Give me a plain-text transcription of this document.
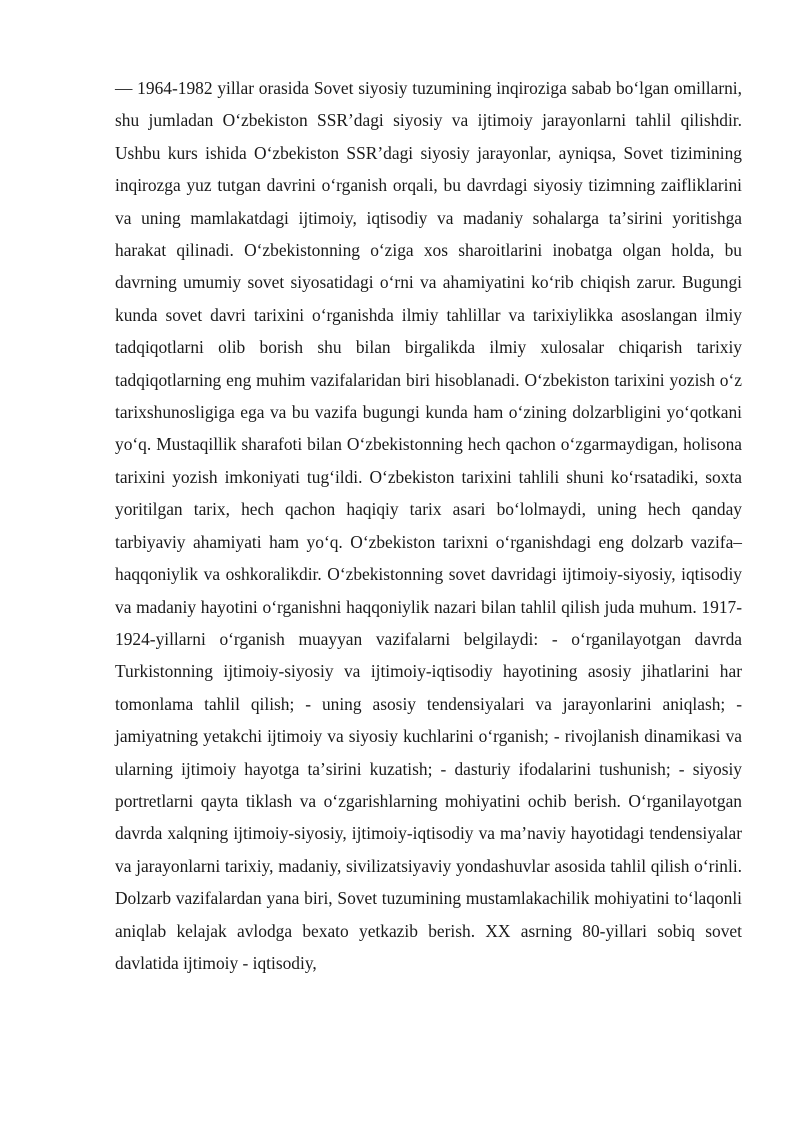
— 1964-1982 yillar orasida Sovet siyosiy tuzumining inqiroziga sabab boʻlgan omillarni, shu jumladan Oʻzbekiston SSRʼdagi siyosiy va ijtimoiy jarayonlarni tahlil qilishdir. Ushbu kurs ishida Oʻzbekiston SSRʼdagi siyosiy jarayonlar, ayniqsa, Sovet tizimining inqirozga yuz tutgan davrini oʻrganish orqali, bu davrdagi siyosiy tizimning zaifliklarini va uning mamlakatdagi ijtimoiy, iqtisodiy va madaniy sohalarga taʼsirini yoritishga harakat qilinadi. Oʻzbekistonning oʻziga xos sharoitlarini inobatga olgan holda, bu davrning umumiy sovet siyosatidagi oʻrni va ahamiyatini koʻrib chiqish zarur. Bugungi kunda sovet davri tarixini oʻrganishda ilmiy tahlillar va tarixiylikka asoslangan ilmiy tadqiqotlarni olib borish shu bilan birgalikda ilmiy xulosalar chiqarish tarixiy tadqiqotlarning eng muhim vazifalaridan biri hisoblanadi. Oʻzbekiston tarixini yozish oʻz tarixshunosligiga ega va bu vazifa bugungi kunda ham oʻzining dolzarbligini yoʻqotkani yoʻq. Mustaqillik sharafoti bilan Oʻzbekistonning hech qachon oʻzgarmaydigan, holisona tarixini yozish imkoniyati tugʻildi. Oʻzbekiston tarixini tahlili shuni koʻrsatadiki, soxta yoritilgan tarix, hech qachon haqiqiy tarix asari boʻlolmaydi, uning hech qanday tarbiyaviy ahamiyati ham yoʻq. Oʻzbekiston tarixni oʻrganishdagi eng dolzarb vazifa–haqqoniylik va oshkoralikdir. Oʻzbekistonning sovet davridagi ijtimoiy-siyosiy, iqtisodiy va madaniy hayotini oʻrganishni haqqoniylik nazari bilan tahlil qilish juda muhum. 1917-1924-yillarni oʻrganish muayyan vazifalarni belgilaydi: - oʻrganilayotgan davrda Turkistonning ijtimoiy-siyosiy va ijtimoiy-iqtisodiy hayotining asosiy jihatlarini har tomonlama tahlil qilish; - uning asosiy tendensiyalari va jarayonlarini aniqlash; - jamiyatning yetakchi ijtimoiy va siyosiy kuchlarini oʻrganish; - rivojlanish dinamikasi va ularning ijtimoiy hayotga taʼsirini kuzatish; - dasturiy ifodalarini tushunish; - siyosiy portretlarni qayta tiklash va oʻzgarishlarning mohiyatini ochib berish. Oʻrganilayotgan davrda xalqning ijtimoiy-siyosiy, ijtimoiy-iqtisodiy va maʼnaviy hayotidagi tendensiyalar va jarayonlarni tarixiy, madaniy, sivilizatsiyaviy yondashuvlar asosida tahlil qilish oʻrinli. Dolzarb vazifalardan yana biri, Sovet tuzumining mustamlakachilik mohiyatini toʻlaqonli aniqlab kelajak avlodga bexato yetkazib berish. XX asrning 80-yillari sobiq sovet davlatida ijtimoiy - iqtisodiy,
